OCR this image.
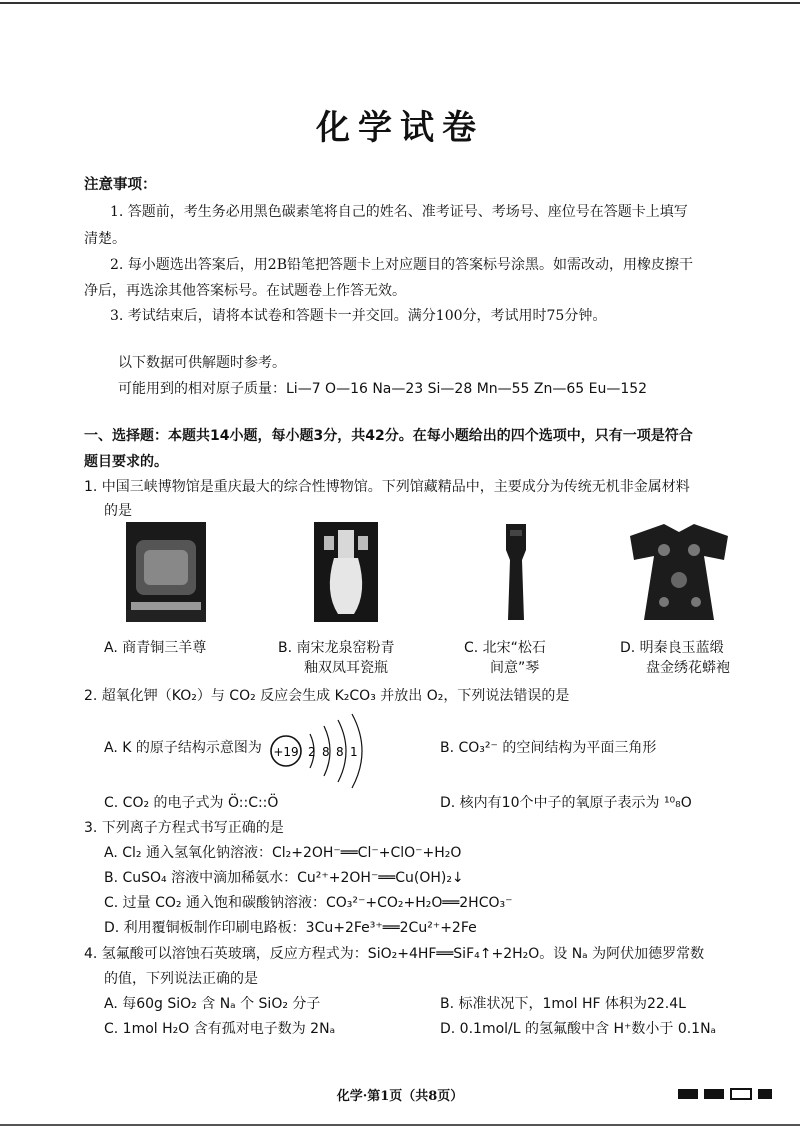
化学试卷
注意事项：
1. 答题前，考生务必用黑色碳素笔将自己的姓名、准考证号、考场号、座位号在答题卡上填写
清楚。
2. 每小题选出答案后，用2B铅笔把答题卡上对应题目的答案标号涂黑。如需改动，用橡皮擦干
净后，再选涂其他答案标号。在试题卷上作答无效。
3. 考试结束后，请将本试卷和答题卡一并交回。满分100分，考试用时75分钟。
以下数据可供解题时参考。
可能用到的相对原子质量：Li—7 O—16 Na—23 Si—28 Mn—55 Zn—65 Eu—152
一、选择题：本题共14小题，每小题3分，共42分。在每小题给出的四个选项中，只有一项是符合
题目要求的。
1. 中国三峡博物馆是重庆最大的综合性博物馆。下列馆藏精品中，主要成分为传统无机非金属材料
的是
A. 商青铜三羊尊	B. 南宋龙泉窑粉青
釉双凤耳瓷瓶
C. 北宋“松石
间意”琴
D. 明秦良玉蓝缎
盘金绣花蟒袍
2. 超氧化钾（KO₂）与 CO₂ 反应会生成 K₂CO₃ 并放出 O₂，下列说法错误的是
A. K 的原子结构示意图为 +19 2 8 8 1	B. CO₃²⁻ 的空间结构为平面三角形
C. CO₂ 的电子式为 Ö::C::Ö	D. 核内有10个中子的氧原子表示为 ¹⁰₈O
3. 下列离子方程式书写正确的是
A. Cl₂ 通入氢氧化钠溶液：Cl₂+2OH⁻══Cl⁻+ClO⁻+H₂O
B. CuSO₄ 溶液中滴加稀氨水：Cu²⁺+2OH⁻══Cu(OH)₂↓
C. 过量 CO₂ 通入饱和碳酸钠溶液：CO₃²⁻+CO₂+H₂O══2HCO₃⁻
D. 利用覆铜板制作印刷电路板：3Cu+2Fe³⁺══2Cu²⁺+2Fe
4. 氢氟酸可以溶蚀石英玻璃，反应方程式为：SiO₂+4HF══SiF₄↑+2H₂O。设 Nₐ 为阿伏加德罗常数
的值，下列说法正确的是
A. 每60g SiO₂ 含 Nₐ 个 SiO₂ 分子	B. 标准状况下，1mol HF 体积为22.4L
C. 1mol H₂O 含有孤对电子数为 2Nₐ	D. 0.1mol/L 的氢氟酸中含 H⁺数小于 0.1Nₐ
化学·第1页（共8页）
